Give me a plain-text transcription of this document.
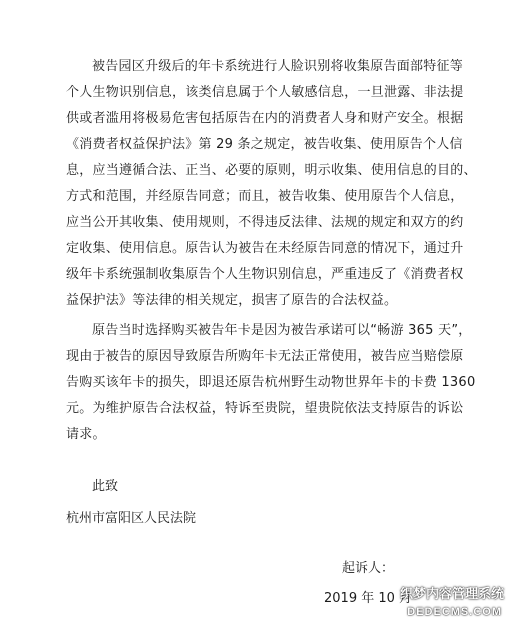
被告园区升级后的年卡系统进行人脸识别将收集原告面部特征等
个人生物识别信息，该类信息属于个人敏感信息，一旦泄露、非法提
供或者滥用将极易危害包括原告在内的消费者人身和财产安全。根据
《消费者权益保护法》第 29 条之规定，被告收集、使用原告个人信
息，应当遵循合法、正当、必要的原则，明示收集、使用信息的目的、
方式和范围，并经原告同意；而且，被告收集、使用原告个人信息，
应当公开其收集、使用规则，不得违反法律、法规的规定和双方的约
定收集、使用信息。原告认为被告在未经原告同意的情况下，通过升
级年卡系统强制收集原告个人生物识别信息，严重违反了《消费者权
益保护法》等法律的相关规定，损害了原告的合法权益。
原告当时选择购买被告年卡是因为被告承诺可以“畅游 365 天”，
现由于被告的原因导致原告所购年卡无法正常使用，被告应当赔偿原
告购买该年卡的损失，即退还原告杭州野生动物世界年卡的卡费 1360
元。为维护原告合法权益，特诉至贵院，望贵院依法支持原告的诉讼
请求。
此致
杭州市富阳区人民法院
起诉人：
2019 年 10 月
织梦内容管理系统
DEDECMS.COM
